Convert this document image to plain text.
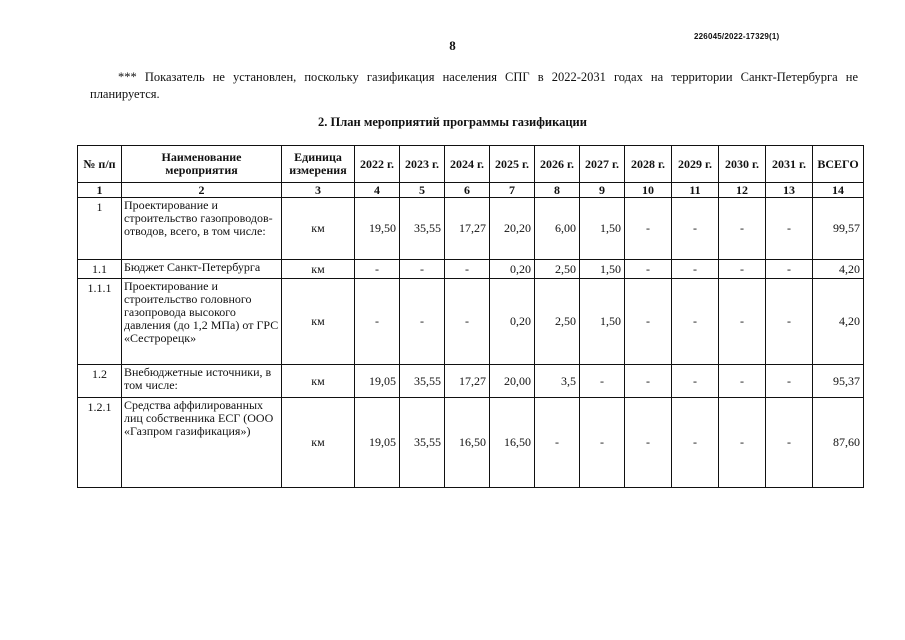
226045/2022-17329(1)
8
*** Показатель не установлен, поскольку газификация населения СПГ в 2022-2031 годах на территории Санкт-Петербурга не планируется.
2. План мероприятий программы газификации
№ п/п	Наименование мероприятия	Единица измерения	2022 г.	2023 г.	2024 г.	2025 г.	2026 г.	2027 г.	2028 г.	2029 г.	2030 г.	2031 г.	ВСЕГО
1	2	3	4	5	6	7	8	9	10	11	12	13	14
1	Проектирование и строительство газопроводов-отводов, всего, в том числе:	км	19,50	35,55	17,27	20,20	6,00	1,50	-	-	-	-	99,57
1.1	Бюджет Санкт-Петербурга	км	-	-	-	0,20	2,50	1,50	-	-	-	-	4,20
1.1.1	Проектирование и строительство головного газопровода высокого давления (до 1,2 МПа) от ГРС «Сестрорецк»	км	-	-	-	0,20	2,50	1,50	-	-	-	-	4,20
1.2	Внебюджетные источники, в том числе:	км	19,05	35,55	17,27	20,00	3,5	-	-	-	-	-	95,37
1.2.1	Средства аффилированных лиц собственника ЕСГ (ООО «Газпром газификация»)	км	19,05	35,55	16,50	16,50	-	-	-	-	-	-	87,60
